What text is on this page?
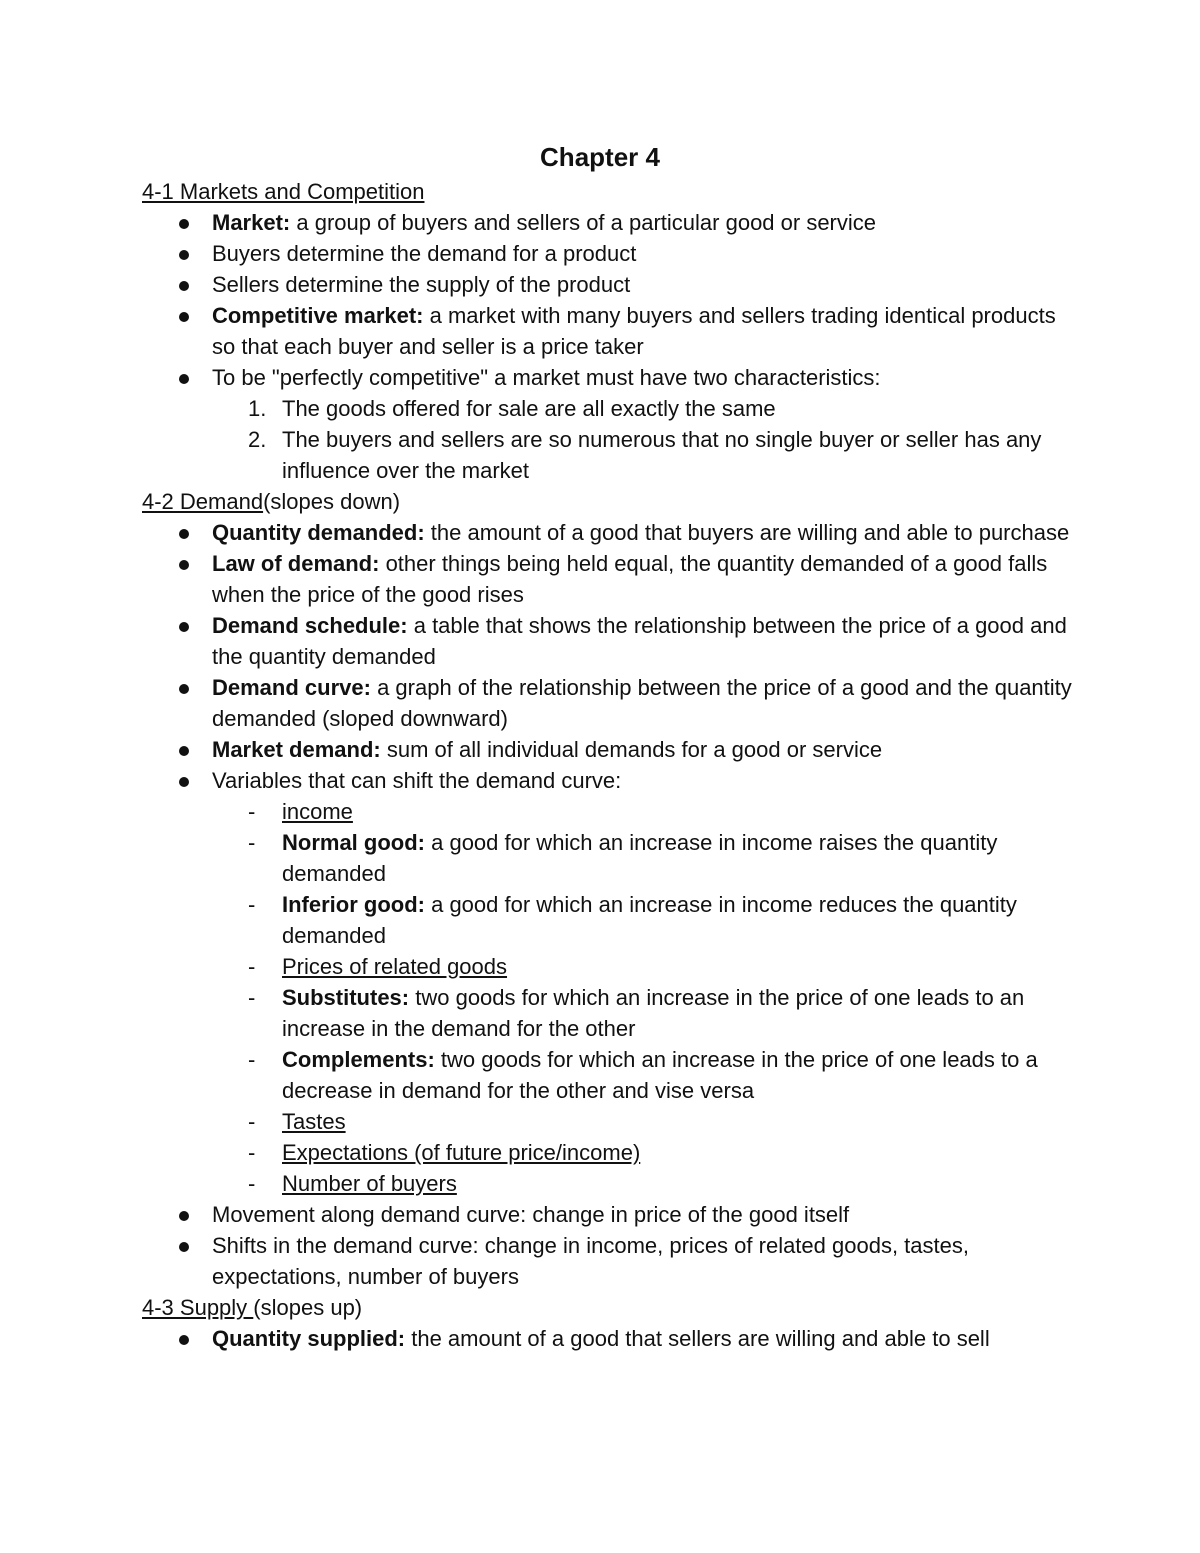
Chapter 4
4-1 Markets and Competition
Market: a group of buyers and sellers of a particular good or service
Buyers determine the demand for a product
Sellers determine the supply of the product
Competitive market: a market with many buyers and sellers trading identical products so that each buyer and seller is a price taker
To be "perfectly competitive" a market must have two characteristics:
1. The goods offered for sale are all exactly the same
2. The buyers and sellers are so numerous that no single buyer or seller has any influence over the market
4-2 Demand(slopes down)
Quantity demanded: the amount of a good that buyers are willing and able to purchase
Law of demand: other things being held equal, the quantity demanded of a good falls when the price of the good rises
Demand schedule: a table that shows the relationship between the price of a good and the quantity demanded
Demand curve: a graph of the relationship between the price of a good and the quantity demanded (sloped downward)
Market demand: sum of all individual demands for a good or service
Variables that can shift the demand curve:
- income
- Normal good: a good for which an increase in income raises the quantity demanded
- Inferior good: a good for which an increase in income reduces the quantity demanded
- Prices of related goods
- Substitutes: two goods for which an increase in the price of one leads to an increase in the demand for the other
- Complements: two goods for which an increase in the price of one leads to a decrease in demand for the other and vise versa
- Tastes
- Expectations (of future price/income)
- Number of buyers
Movement along demand curve: change in price of the good itself
Shifts in the demand curve: change in income, prices of related goods, tastes, expectations, number of buyers
4-3 Supply (slopes up)
Quantity supplied: the amount of a good that sellers are willing and able to sell
